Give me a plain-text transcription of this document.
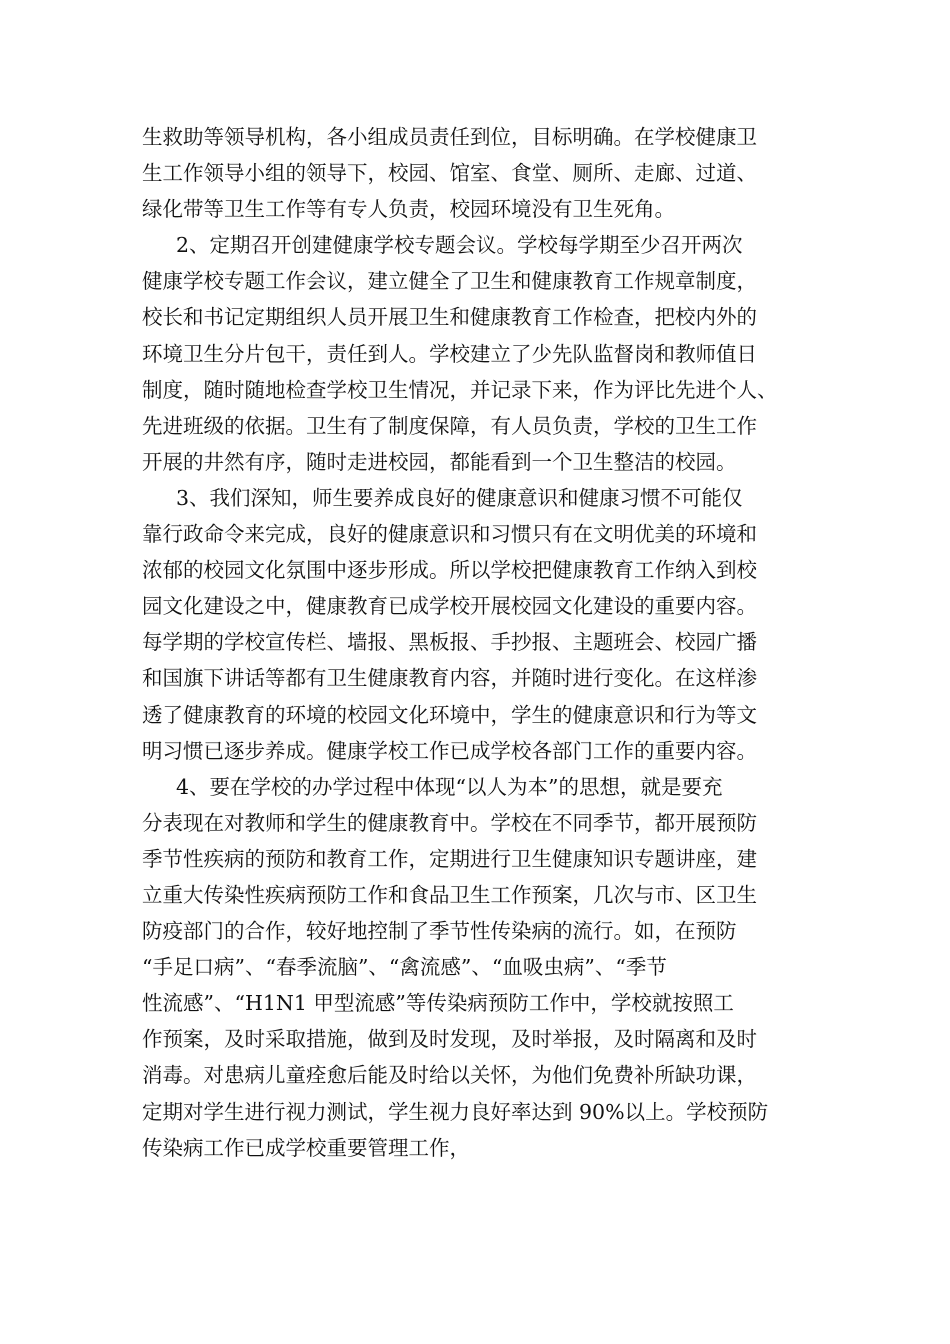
生救助等领导机构，各小组成员责任到位，目标明确。在学校健康卫
生工作领导小组的领导下，校园、馆室、食堂、厕所、走廊、过道、
绿化带等卫生工作等有专人负责，校园环境没有卫生死角。
2、定期召开创建健康学校专题会议。学校每学期至少召开两次
健康学校专题工作会议，建立健全了卫生和健康教育工作规章制度，
校长和书记定期组织人员开展卫生和健康教育工作检查，把校内外的
环境卫生分片包干，责任到人。学校建立了少先队监督岗和教师值日
制度，随时随地检查学校卫生情况，并记录下来，作为评比先进个人、
先进班级的依据。卫生有了制度保障，有人员负责，学校的卫生工作
开展的井然有序，随时走进校园，都能看到一个卫生整洁的校园。
3、我们深知，师生要养成良好的健康意识和健康习惯不可能仅
靠行政命令来完成，良好的健康意识和习惯只有在文明优美的环境和
浓郁的校园文化氛围中逐步形成。所以学校把健康教育工作纳入到校
园文化建设之中，健康教育已成学校开展校园文化建设的重要内容。
每学期的学校宣传栏、墙报、黑板报、手抄报、主题班会、校园广播
和国旗下讲话等都有卫生健康教育内容，并随时进行变化。在这样渗
透了健康教育的环境的校园文化环境中，学生的健康意识和行为等文
明习惯已逐步养成。健康学校工作已成学校各部门工作的重要内容。
4、要在学校的办学过程中体现“以人为本”的思想，就是要充
分表现在对教师和学生的健康教育中。学校在不同季节，都开展预防
季节性疾病的预防和教育工作，定期进行卫生健康知识专题讲座，建
立重大传染性疾病预防工作和食品卫生工作预案，几次与市、区卫生
防疫部门的合作，较好地控制了季节性传染病的流行。如，在预防
“手足口病”、“春季流脑”、“禽流感”、“血吸虫病”、“季节
性流感”、“H1N1 甲型流感”等传染病预防工作中，学校就按照工
作预案，及时采取措施，做到及时发现，及时举报，及时隔离和及时
消毒。对患病儿童痊愈后能及时给以关怀，为他们免费补所缺功课，
定期对学生进行视力测试，学生视力良好率达到 90%以上。学校预防
传染病工作已成学校重要管理工作，
